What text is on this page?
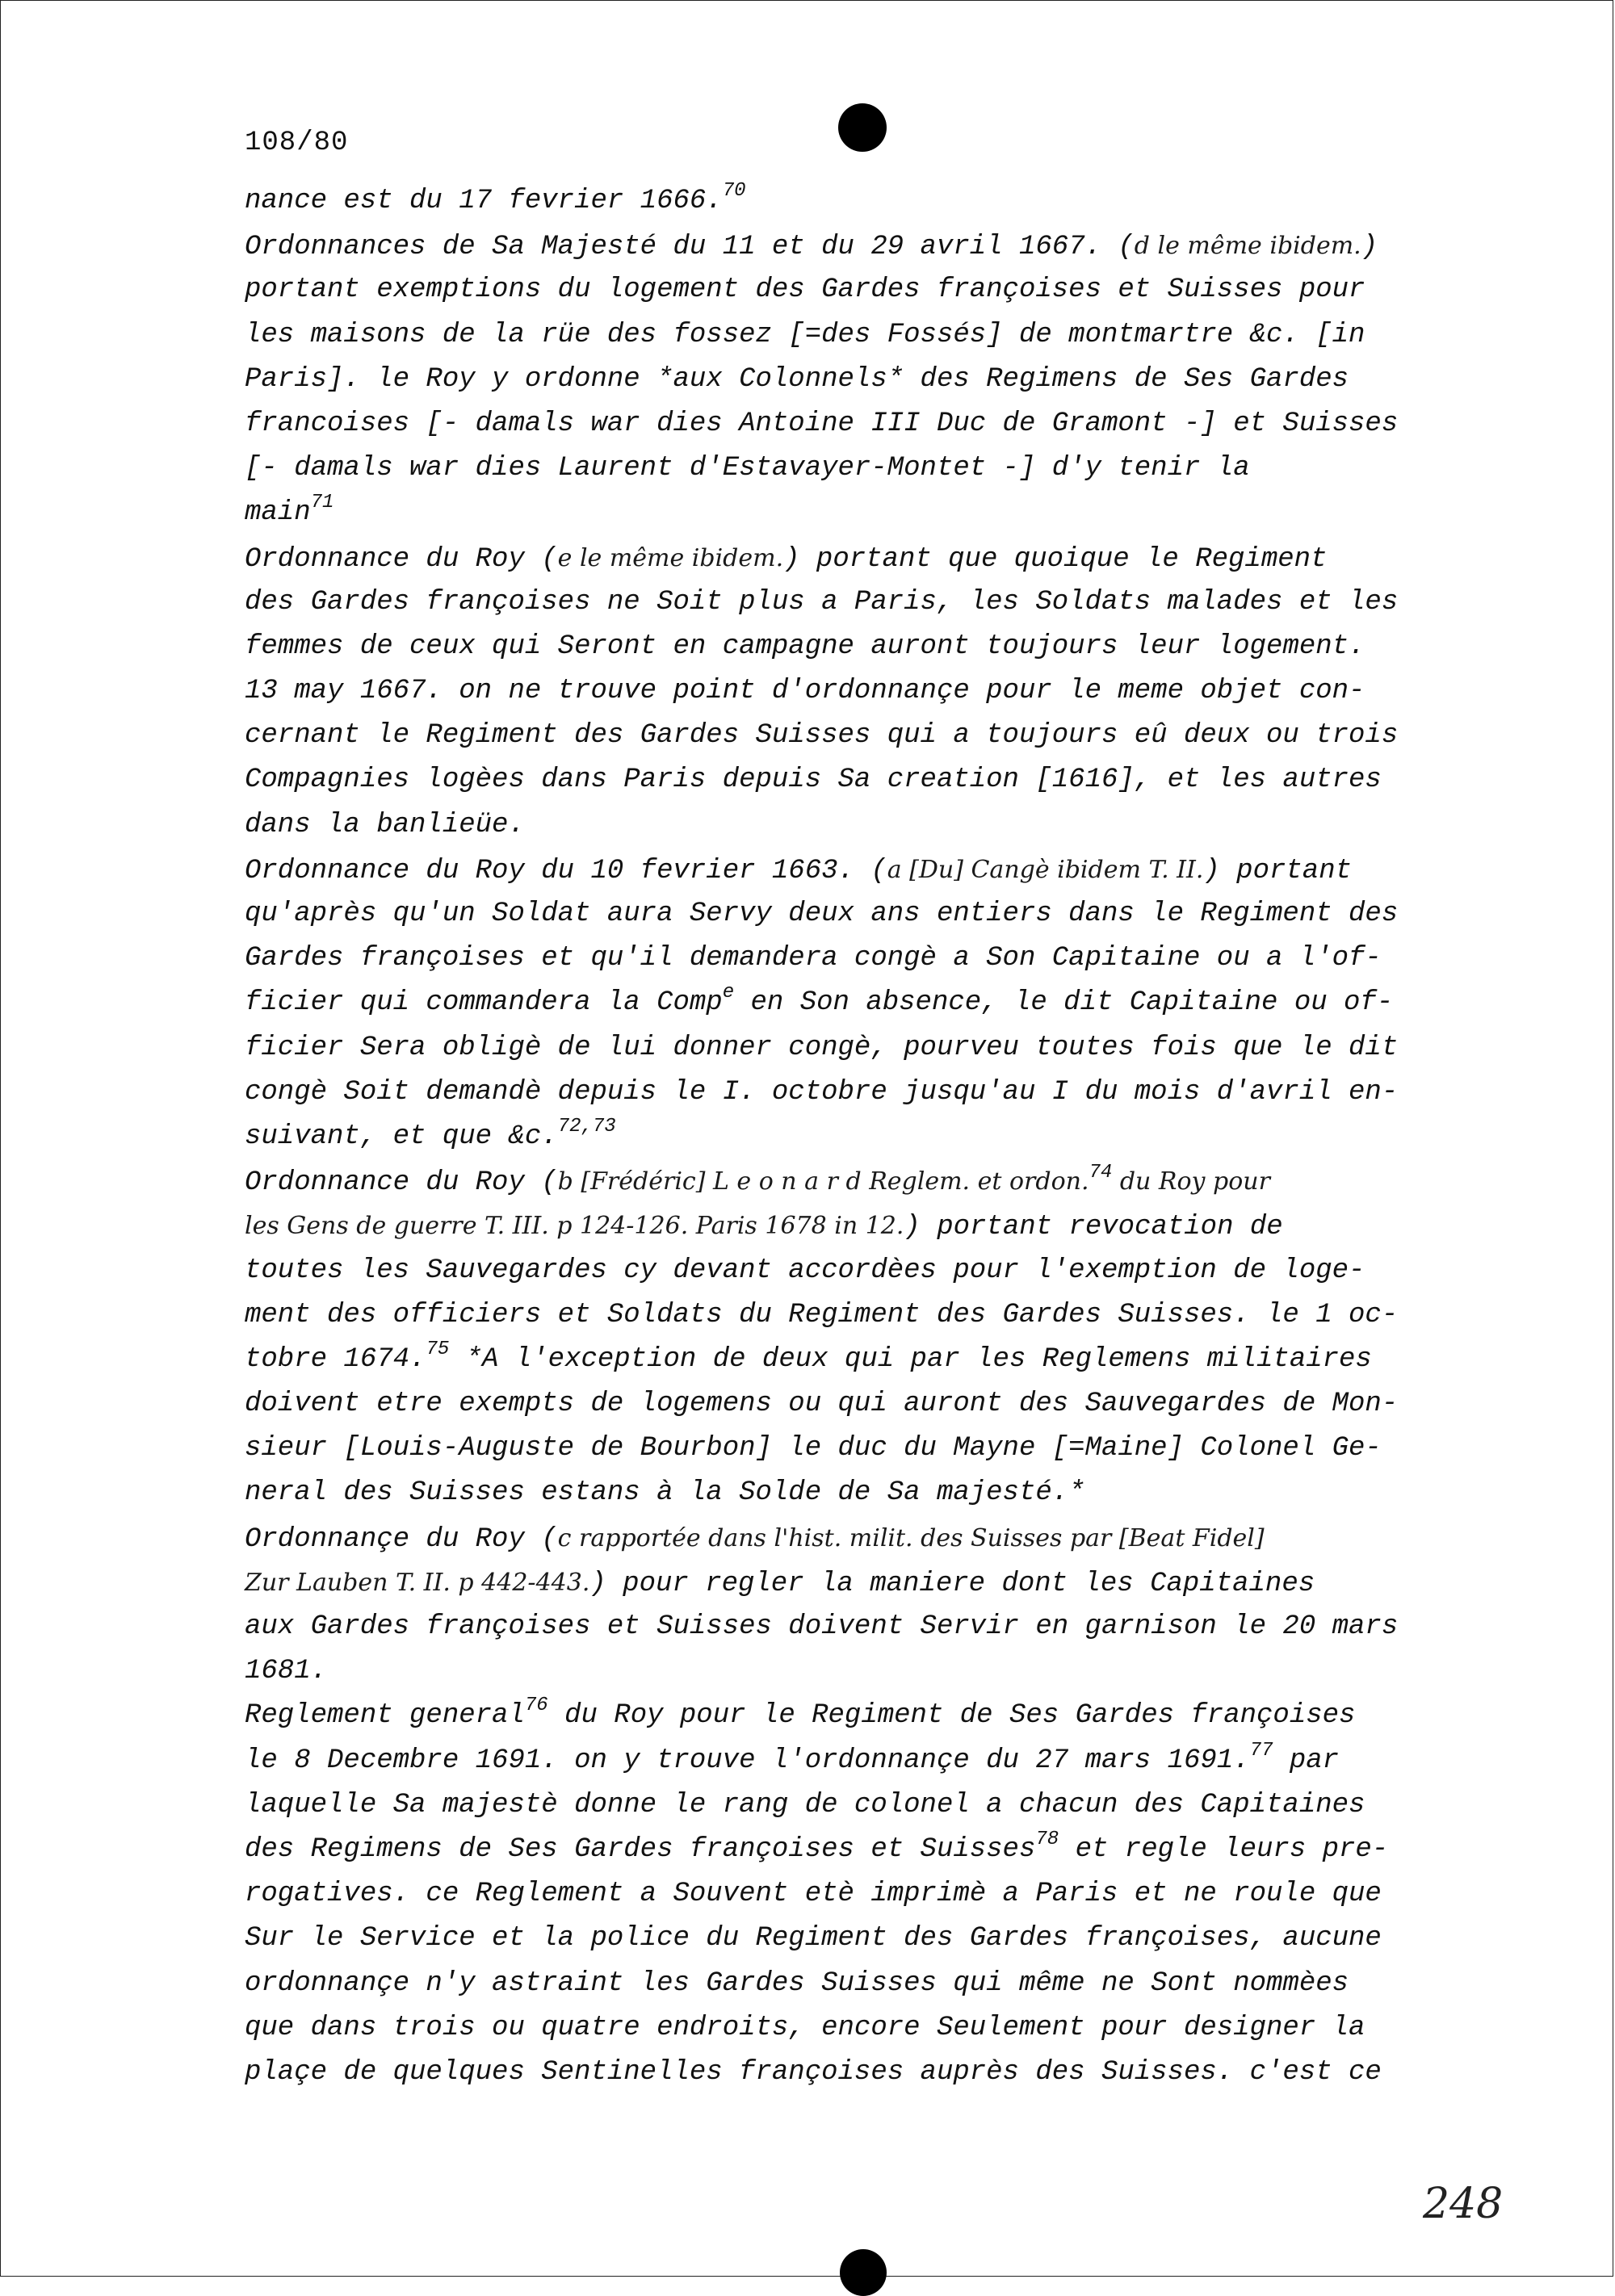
108/80
nance est du 17 fevrier 1666.70
Ordonnances de Sa Majesté du 11 et du 29 avril 1667. (d le même ibidem.)
portant exemptions du logement des Gardes françoises et Suisses pour
les maisons de la rüe des fossez [=des Fossés] de montmartre &c. [in
Paris]. le Roy y ordonne *aux Colonnels* des Regimens de Ses Gardes
francoises [- damals war dies Antoine III Duc de Gramont -] et Suisses
[- damals war dies Laurent d'Estavayer-Montet -] d'y tenir la
main$^{71}$
Ordonnance du Roy (e le même ibidem.) portant que quoique le Regiment
des Gardes françoises ne Soit plus a Paris, les Soldats malades et les
femmes de ceux qui Seront en campagne auront toujours leur logement.
13 may 1667. on ne trouve point d'ordonnançe pour le meme objet con-
cernant le Regiment des Gardes Suisses qui a toujours eû deux ou trois
Compagnies logèes dans Paris depuis Sa creation [1616], et les autres
dans la banlieüe.
Ordonnance du Roy du 10 fevrier 1663. (a [Du] Cangè ibidem T. II.) portant
qu'après qu'un Soldat aura Servy deux ans entiers dans le Regiment des
Gardes françoises et qu'il demandera congè a Son Capitaine ou a l'of-
ficier qui commandera la Comp$^e$ en Son absence, le dit Capitaine ou of-
ficier Sera obligè de lui donner congè, pourveu toutes fois que le dit
congè Soit demandè depuis le I. octobre jusqu'au I du mois d'avril en-
suivant, et que &c.$^{72,73}$
Ordonnance du Roy (b [Frédéric] L e o n a r d Reglem. et ordon.$^{74}$ du Roy pour
les Gens de guerre T. III. p 124-126. Paris 1678 in 12.) portant revocation de
toutes les Sauvegardes cy devant accordèes pour l'exemption de loge-
ment des officiers et Soldats du Regiment des Gardes Suisses. le 1 oc-
tobre 1674.75 *A l'exception de deux qui par les Reglemens militaires
doivent etre exempts de logemens ou qui auront des Sauvegardes de Mon-
sieur [Louis-Auguste de Bourbon] le duc du Mayne [=Maine] Colonel Ge-
neral des Suisses estans à la Solde de Sa majesté.*
Ordonnançe du Roy (c rapportée dans l'hist. milit. des Suisses par [Beat Fidel]
Zur Lauben T. II. p 442-443.) pour regler la maniere dont les Capitaines
aux Gardes françoises et Suisses doivent Servir en garnison le 20 mars
1681.
Reglement general$^{76}$ du Roy pour le Regiment de Ses Gardes françoises
le 8 Decembre 1691. on y trouve l'ordonnançe du 27 mars 1691.77 par
laquelle Sa majestè donne le rang de colonel a chacun des Capitaines
des Regimens de Ses Gardes françoises et Suisses$^{78}$ et regle leurs pre-
rogatives. ce Reglement a Souvent etè imprimè a Paris et ne roule que
Sur le Service et la police du Regiment des Gardes françoises, aucune
ordonnançe n'y astraint les Gardes Suisses qui même ne Sont nommèes
que dans trois ou quatre endroits, encore Seulement pour designer la
plaçe de quelques Sentinelles françoises auprès des Suisses. c'est ce
248
